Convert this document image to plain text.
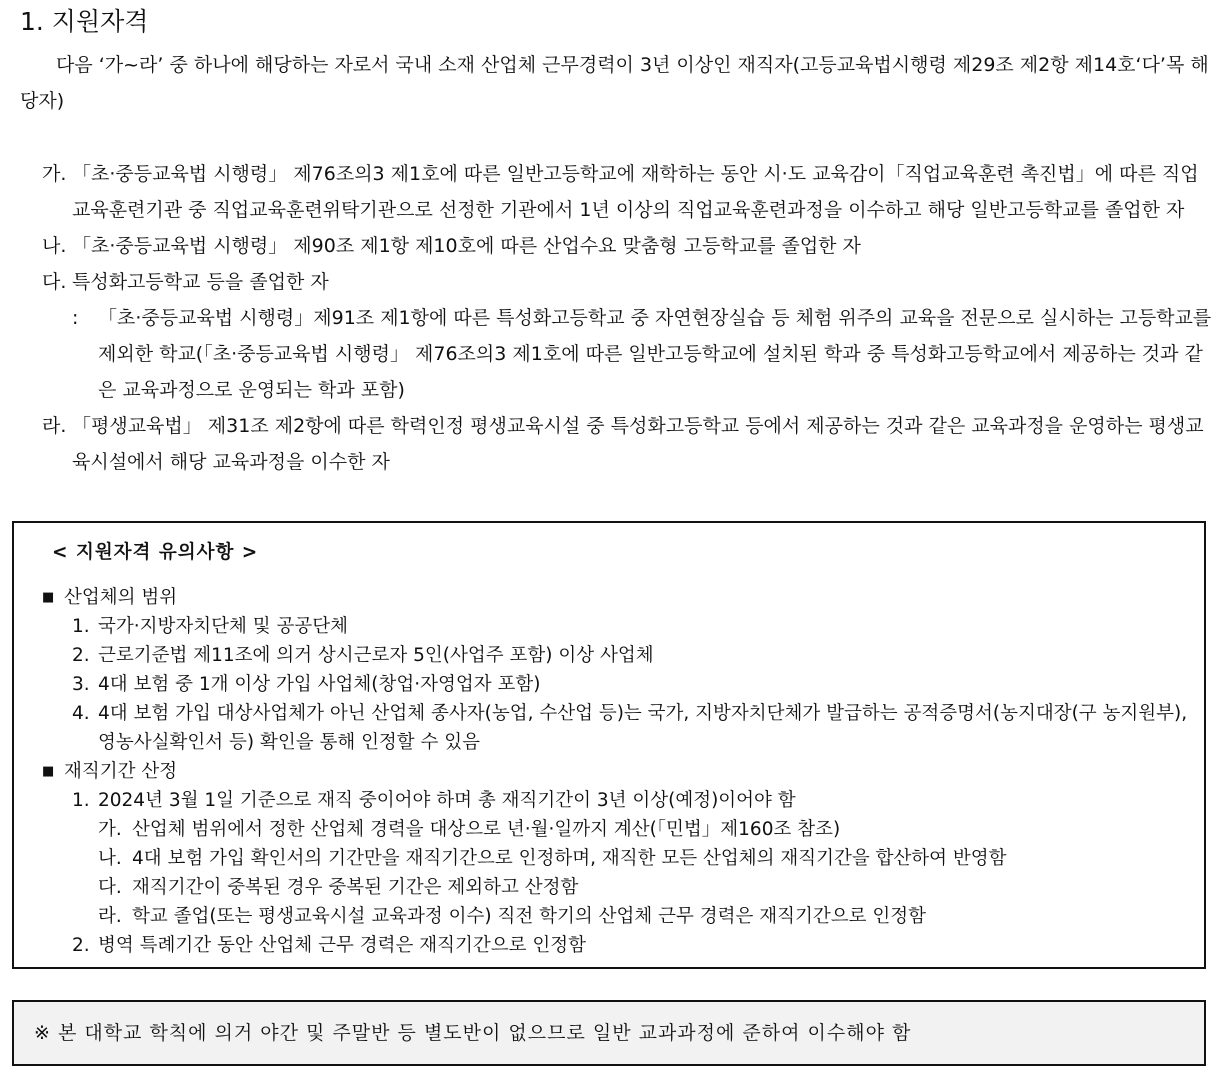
1. 지원자격
다음 ‘가~라’ 중 하나에 해당하는 자로서 국내 소재 산업체 근무경력이 3년 이상인 재직자(고등교육법시행령 제29조 제2항 제14호‘다’목 해당자)
가. 「초·중등교육법 시행령」 제76조의3 제1호에 따른 일반고등학교에 재학하는 동안 시·도 교육감이「직업교육훈련 촉진법」에 따른 직업교육훈련기관 중 직업교육훈련위탁기관으로 선정한 기관에서 1년 이상의 직업교육훈련과정을 이수하고 해당 일반고등학교를 졸업한 자
나. 「초·중등교육법 시행령」 제90조 제1항 제10호에 따른 산업수요 맞춤형 고등학교를 졸업한 자
다. 특성화고등학교 등을 졸업한 자
:	「초·중등교육법 시행령」제91조 제1항에 따른 특성화고등학교 중 자연현장실습 등 체험 위주의 교육을 전문으로 실시하는 고등학교를 제외한 학교(「초·중등교육법 시행령」 제76조의3 제1호에 따른 일반고등학교에 설치된 학과 중 특성화고등학교에서 제공하는 것과 같은 교육과정으로 운영되는 학과 포함)
라. 「평생교육법」 제31조 제2항에 따른 학력인정 평생교육시설 중 특성화고등학교 등에서 제공하는 것과 같은 교육과정을 운영하는 평생교육시설에서 해당 교육과정을 이수한 자
< 지원자격 유의사항 >
■ 산업체의 범위
1. 국가·지방자치단체 및 공공단체
2. 근로기준법 제11조에 의거 상시근로자 5인(사업주 포함) 이상 사업체
3. 4대 보험 중 1개 이상 가입 사업체(창업·자영업자 포함)
4. 4대 보험 가입 대상사업체가 아닌 산업체 종사자(농업, 수산업 등)는 국가, 지방자치단체가 발급하는 공적증명서(농지대장(구 농지원부), 영농사실확인서 등) 확인을 통해 인정할 수 있음
■ 재직기간 산정
1. 2024년 3월 1일 기준으로 재직 중이어야 하며 총 재직기간이 3년 이상(예정)이어야 함
가. 산업체 범위에서 정한 산업체 경력을 대상으로 년·월·일까지 계산(「민법」제160조 참조)
나. 4대 보험 가입 확인서의 기간만을 재직기간으로 인정하며, 재직한 모든 산업체의 재직기간을 합산하여 반영함
다. 재직기간이 중복된 경우 중복된 기간은 제외하고 산정함
라. 학교 졸업(또는 평생교육시설 교육과정 이수) 직전 학기의 산업체 근무 경력은 재직기간으로 인정함
2. 병역 특례기간 동안 산업체 근무 경력은 재직기간으로 인정함
※ 본 대학교 학칙에 의거 야간 및 주말반 등 별도반이 없으므로 일반 교과과정에 준하여 이수해야 함
